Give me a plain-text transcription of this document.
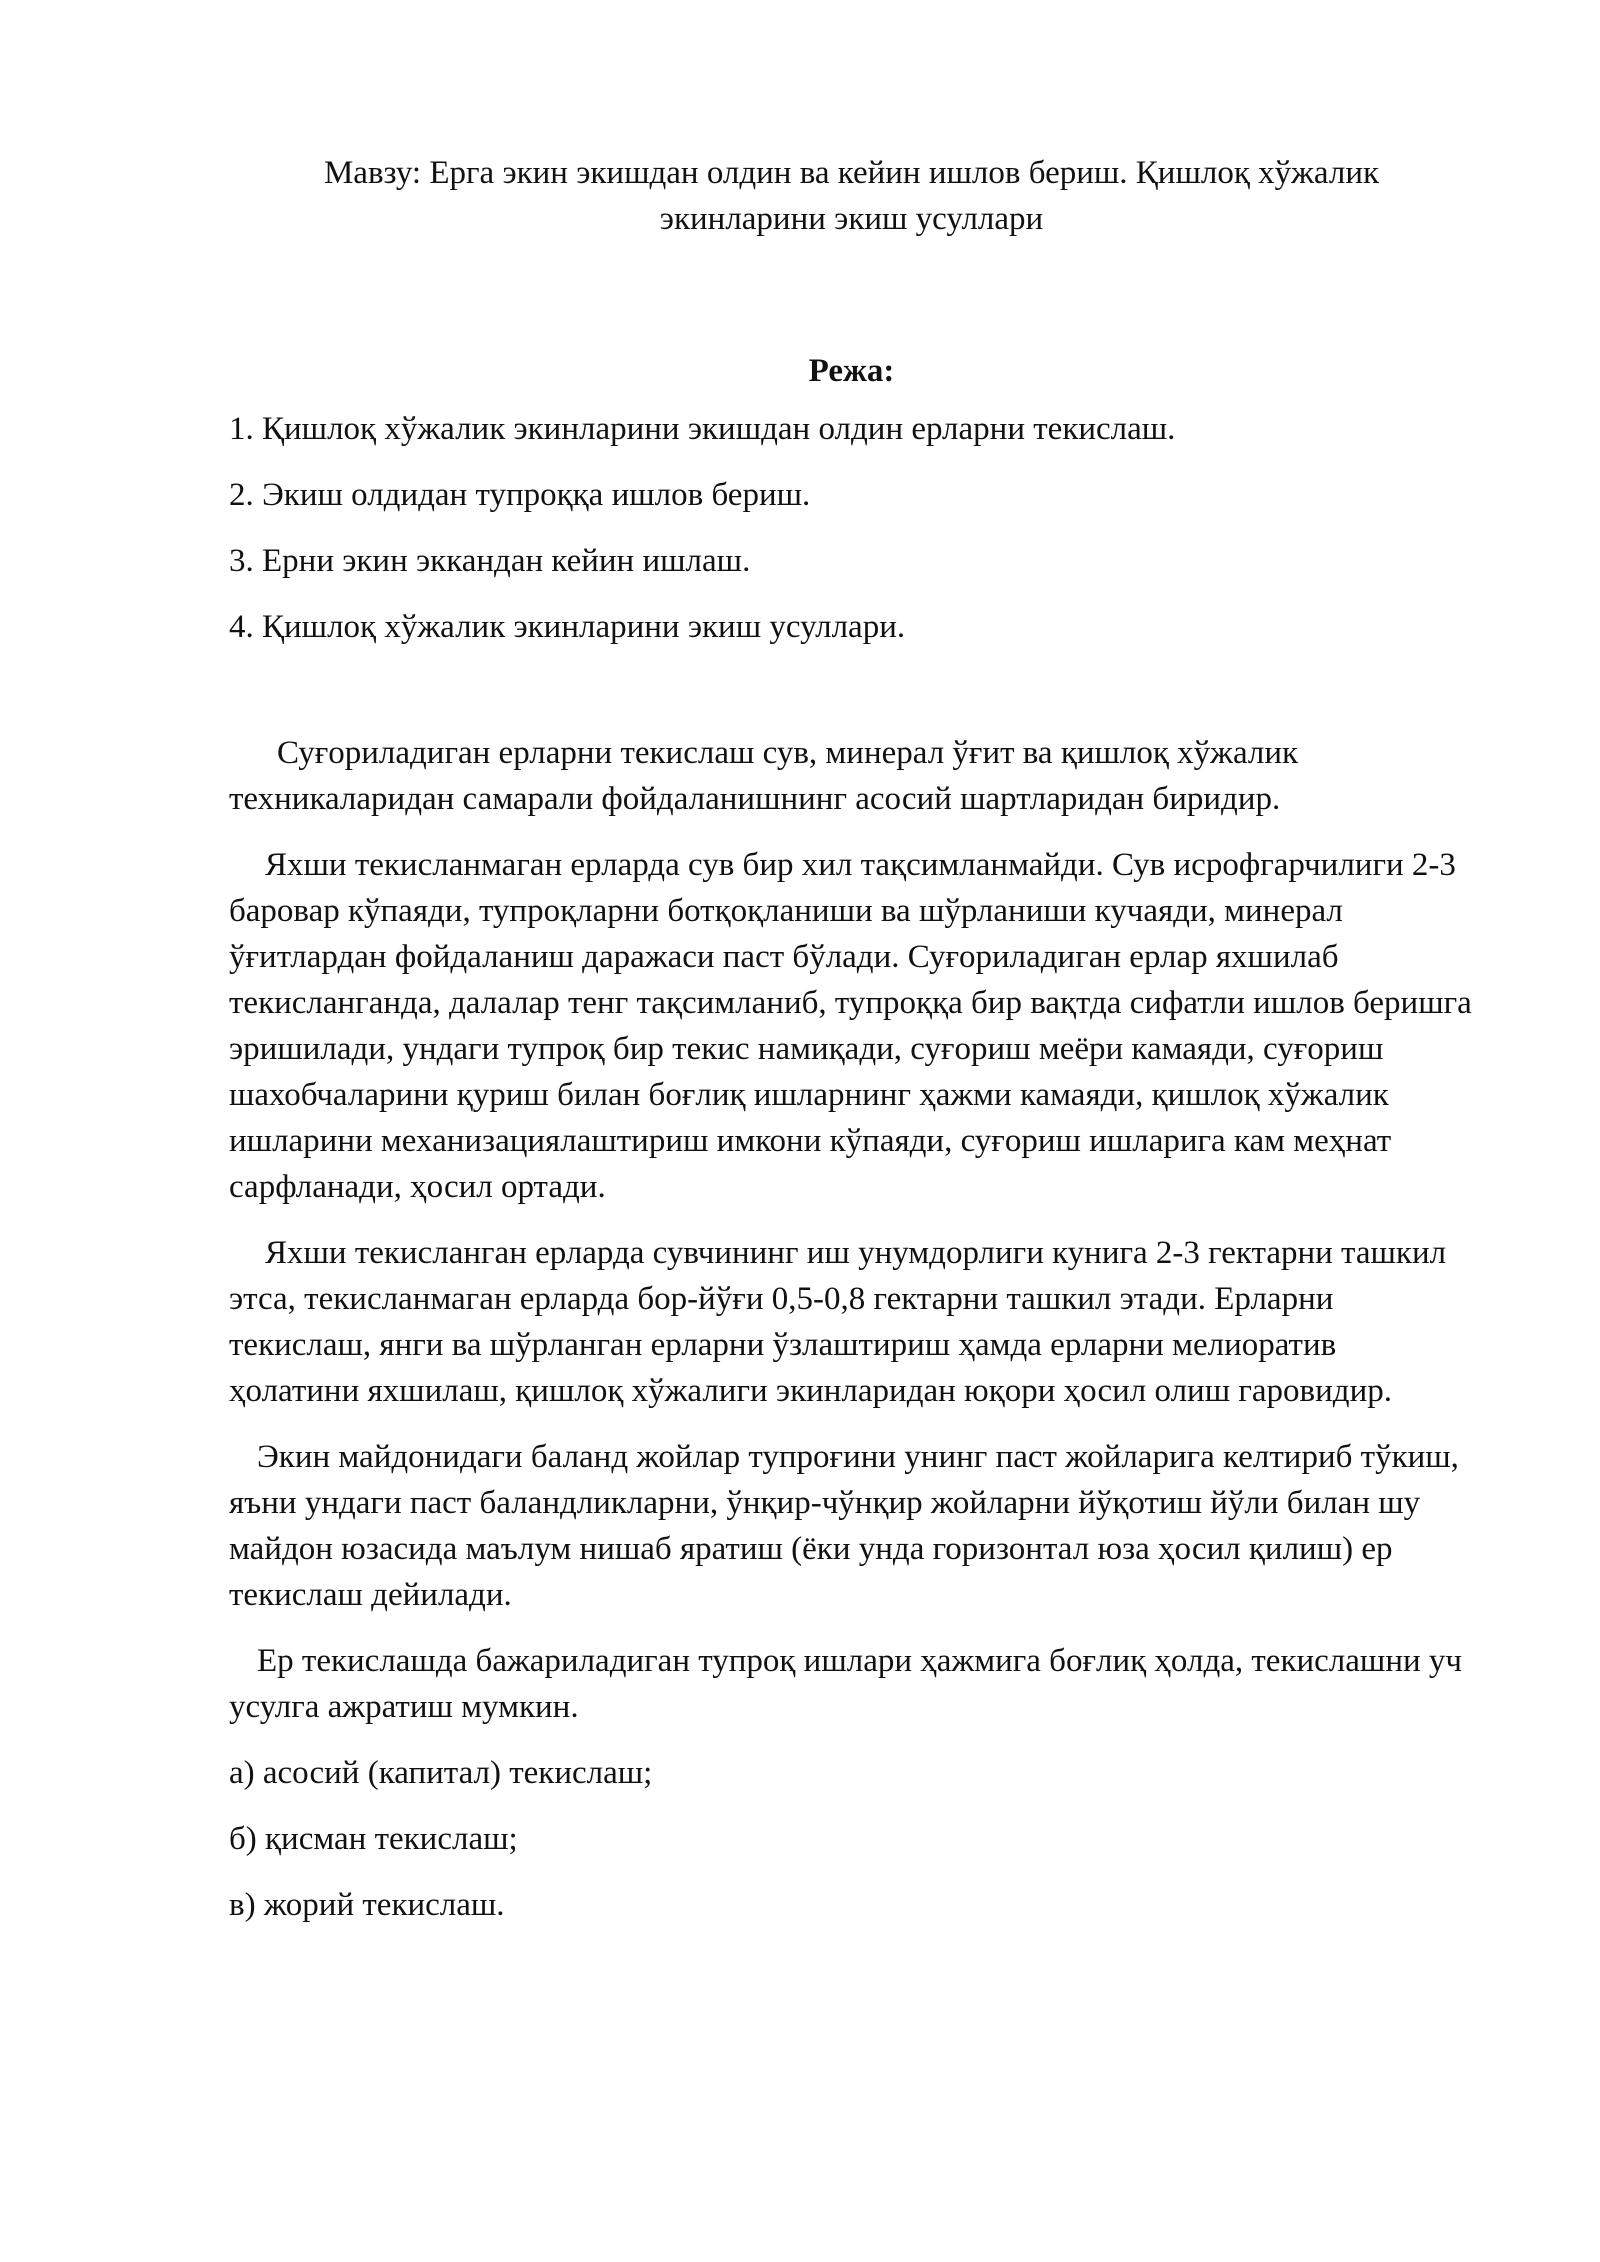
Мавзу: Ерга экин экишдан олдин ва кейин ишлов бериш. Қишлоқ хўжалик
экинларини экиш усуллари
Режа:
1. Қишлоқ хўжалик экинларини экишдан олдин ерларни текислаш.
2. Экиш олдидан тупроққа ишлов бериш.
3. Ерни экин эккандан кейин ишлаш.
4. Қишлоқ хўжалик экинларини экиш усуллари.

Суғориладиган ерларни текислаш сув, минерал ўғит ва қишлоқ хўжалик техникаларидан самарали фойдаланишнинг асосий шартларидан биридир.

Яхши текисланмаган ерларда сув бир хил тақсимланмайди. Сув исрофгарчилиги 2-3 баровар кўпаяди, тупроқларни ботқоқланиши ва шўрланиши кучаяди, минерал ўғитлардан фойдаланиш даражаси паст бўлади. Суғориладиган ерлар яхшилаб текисланганда, далалар тенг тақсимланиб, тупроққа бир вақтда сифатли ишлов беришга эришилади, ундаги тупроқ бир текис намиқади, суғориш меёри камаяди, суғориш шахобчаларини қуриш билан боғлиқ ишларнинг ҳажми камаяди, қишлоқ хўжалик ишларини механизациялаштириш имкони кўпаяди, суғориш ишларига кам меҳнат сарфланади, ҳосил ортади.

Яхши текисланган ерларда сувчининг иш унумдорлиги кунига 2-3 гектарни ташкил этса, текисланмаган ерларда бор-йўғи 0,5-0,8 гектарни ташкил этади. Ерларни текислаш, янги ва шўрланган ерларни ўзлаштириш ҳамда ерларни мелиоратив ҳолатини яхшилаш, қишлоқ хўжалиги экинларидан юқори ҳосил олиш гаровидир.

Экин майдонидаги баланд жойлар тупроғини унинг паст жойларига келтириб тўкиш, яъни ундаги паст баландликларни, ўнқир-чўнқир жойларни йўқотиш йўли билан шу майдон юзасида маълум нишаб яратиш (ёки унда горизонтал юза ҳосил қилиш) ер текислаш дейилади.

Ер текислашда бажариладиган тупроқ ишлари ҳажмига боғлиқ ҳолда, текислашни уч усулга ажратиш мумкин.

а) асосий (капитал) текислаш;
б) қисман текислаш;
в) жорий текислаш.
